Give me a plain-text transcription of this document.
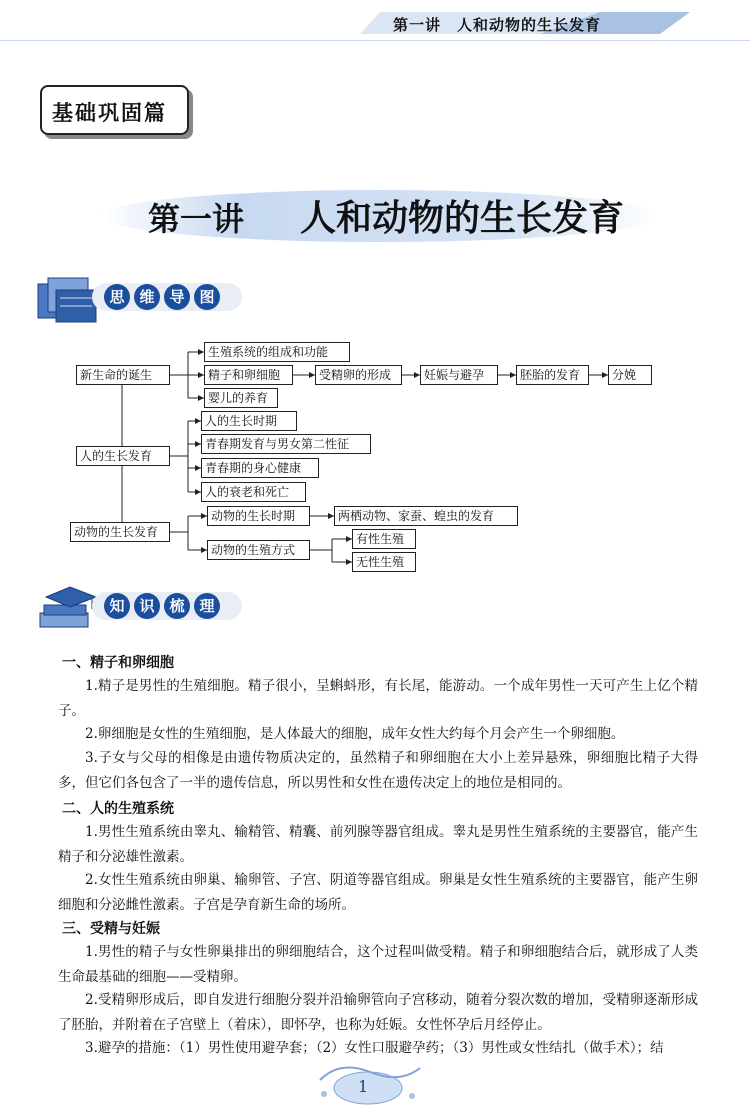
第一讲　人和动物的生长发育
基础巩固篇
第一讲 人和动物的生长发育
思 维 导 图
新生命的诞生
生殖系统的组成和功能
精子和卵细胞	受精卵的形成	妊娠与避孕	胚胎的发育	分娩
婴儿的养育
人的生长发育
人的生长时期
青春期发育与男女第二性征
青春期的身心健康
人的衰老和死亡
动物的生长发育
动物的生长时期	两栖动物、家蚕、蝗虫的发育
动物的生殖方式
有性生殖
无性生殖
知 识 梳 理
一、精子和卵细胞

1.精子是男性的生殖细胞。精子很小，呈蝌蚪形，有长尾，能游动。一个成年男性一天可产生上亿个精子。

2.卵细胞是女性的生殖细胞，是人体最大的细胞，成年女性大约每个月会产生一个卵细胞。

3.子女与父母的相像是由遗传物质决定的，虽然精子和卵细胞在大小上差异悬殊，卵细胞比精子大得多，但它们各包含了一半的遗传信息，所以男性和女性在遗传决定上的地位是相同的。

二、人的生殖系统

1.男性生殖系统由睾丸、输精管、精囊、前列腺等器官组成。睾丸是男性生殖系统的主要器官，能产生精子和分泌雄性激素。

2.女性生殖系统由卵巢、输卵管、子宫、阴道等器官组成。卵巢是女性生殖系统的主要器官，能产生卵细胞和分泌雌性激素。子宫是孕育新生命的场所。

三、受精与妊娠

1.男性的精子与女性卵巢排出的卵细胞结合，这个过程叫做受精。精子和卵细胞结合后，就形成了人类生命最基础的细胞——受精卵。

2.受精卵形成后，即自发进行细胞分裂并沿输卵管向子宫移动，随着分裂次数的增加，受精卵逐渐形成了胚胎，并附着在子宫壁上（着床），即怀孕，也称为妊娠。女性怀孕后月经停止。

3.避孕的措施：（1）男性使用避孕套；（2）女性口服避孕药；（3）男性或女性结扎（做手术）；结

1
